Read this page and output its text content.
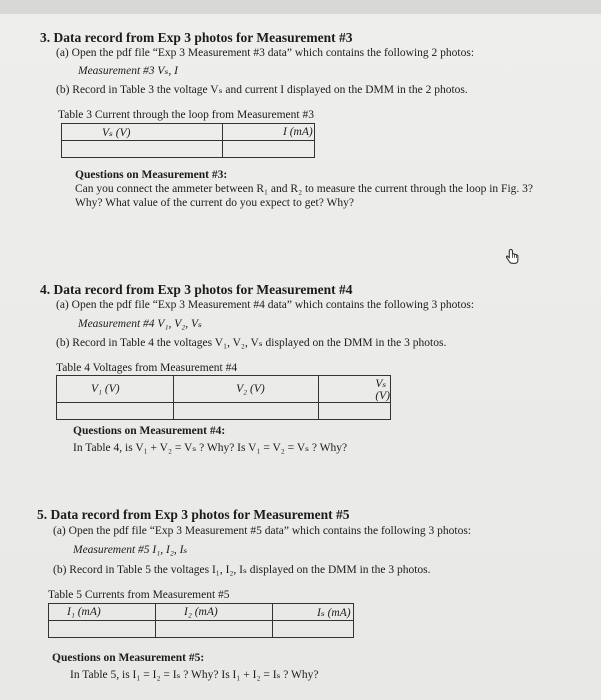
3. Data record from Exp 3 photos for Measurement #3
(a) Open the pdf file “Exp 3 Measurement #3 data” which contains the following 2 photos:
Measurement #3 Vₛ, I
(b) Record in Table 3 the voltage Vₛ and current I displayed on the DMM in the 2 photos.
Table 3 Current through the loop from Measurement #3
Vₛ (V)	I (mA)

Questions on Measurement #3:
Can you connect the ammeter between R₁ and R₂ to measure the current through the loop in Fig. 3?
Why? What value of the current do you expect to get? Why?
4. Data record from Exp 3 photos for Measurement #4
(a) Open the pdf file “Exp 3 Measurement #4 data” which contains the following 3 photos:
Measurement #4 V₁, V₂, Vₛ
(b) Record in Table 4 the voltages V₁, V₂, Vₛ displayed on the DMM in the 3 photos.
Table 4 Voltages from Measurement #4
V₁ (V)	V₂ (V)	Vₛ (V)

Questions on Measurement #4:
In Table 4, is V₁ + V₂ = Vₛ ? Why? Is V₁ = V₂ = Vₛ ? Why?
5. Data record from Exp 3 photos for Measurement #5
(a) Open the pdf file “Exp 3 Measurement #5 data” which contains the following 3 photos:
Measurement #5 I₁, I₂, Iₛ
(b) Record in Table 5 the voltages I₁, I₂, Iₛ displayed on the DMM in the 3 photos.
Table 5 Currents from Measurement #5
I₁ (mA)	I₂ (mA)	Iₛ (mA)

Questions on Measurement #5:
In Table 5, is I₁ = I₂ = Iₛ ? Why? Is I₁ + I₂ = Iₛ ? Why?
